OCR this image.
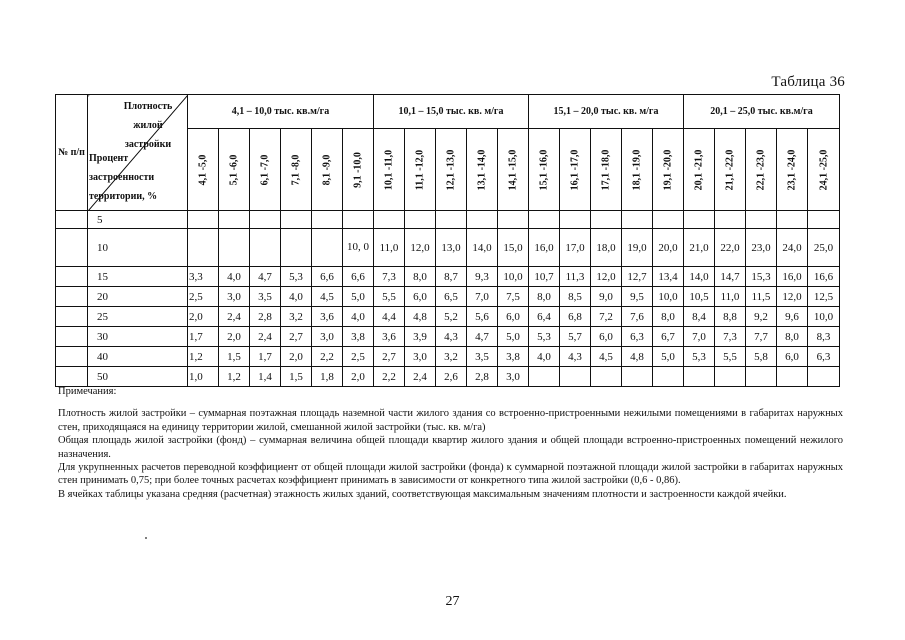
Таблица 36
№ п/п	Плотность жилой застройки
Процент застроенности территории, %	4,1 – 10,0 тыс. кв.м/га						10,1 – 15,0 тыс. кв. м/га					15,1 – 20,0 тыс. кв. м/га					20,1 – 25,0 тыс. кв.м/га				

		4,1 -5,0	5,1 -6,0	6,1 -7,0	7,1 -8,0	8,1 -9,0	9,1 -10,0	10,1 -11,0	11,1 -12,0	12,1 -13,0	13,1 -14,0	14,1 -15,0	15,1 -16,0	16,1 -17,0	17,1 -18,0	18,1 -19,0	19,1 -20,0	20,1 -21,0	21,1 -22,0	22,1 -23,0	23,1 -24,0	24,1 -25,0

	5																					
	10						10, 0	11,0	12,0	13,0	14,0	15,0	16,0	17,0	18,0	19,0	20,0	21,0	22,0	23,0	24,0	25,0
	15	3,3	4,0	4,7	5,3	6,6	6,6	7,3	8,0	8,7	9,3	10,0	10,7	11,3	12,0	12,7	13,4	14,0	14,7	15,3	16,0	16,6
	20	2,5	3,0	3,5	4,0	4,5	5,0	5,5	6,0	6,5	7,0	7,5	8,0	8,5	9,0	9,5	10,0	10,5	11,0	11,5	12,0	12,5
	25	2,0	2,4	2,8	3,2	3,6	4,0	4,4	4,8	5,2	5,6	6,0	6,4	6,8	7,2	7,6	8,0	8,4	8,8	9,2	9,6	10,0
	30	1,7	2,0	2,4	2,7	3,0	3,8	3,6	3,9	4,3	4,7	5,0	5,3	5,7	6,0	6,3	6,7	7,0	7,3	7,7	8,0	8,3
	40	1,2	1,5	1,7	2,0	2,2	2,5	2,7	3,0	3,2	3,5	3,8	4,0	4,3	4,5	4,8	5,0	5,3	5,5	5,8	6,0	6,3
	50	1,0	1,2	1,4	1,5	1,8	2,0	2,2	2,4	2,6	2,8	3,0										

Примечания:

Плотность жилой застройки – суммарная поэтажная площадь наземной части жилого здания со встроенно-пристроенными нежилыми помещениями в габаритах наружных стен, приходящаяся на единицу территории жилой, смешанной жилой застройки (тыс. кв. м/га)

Общая площадь жилой застройки (фонд) – суммарная величина общей площади квартир жилого здания и общей площади встроенно-пристроенных помещений нежилого назначения.

Для укрупненных расчетов переводной коэффициент от общей площади жилой застройки (фонда) к суммарной поэтажной площади жилой застройки в габаритах наружных стен принимать 0,75; при более точных расчетах коэффициент принимать в зависимости от конкретного типа жилой застройки (0,6 - 0,86).

В ячейках таблицы указана средняя (расчетная) этажность жилых зданий, соответствующая максимальным значениям плотности и застроенности каждой ячейки.

27
